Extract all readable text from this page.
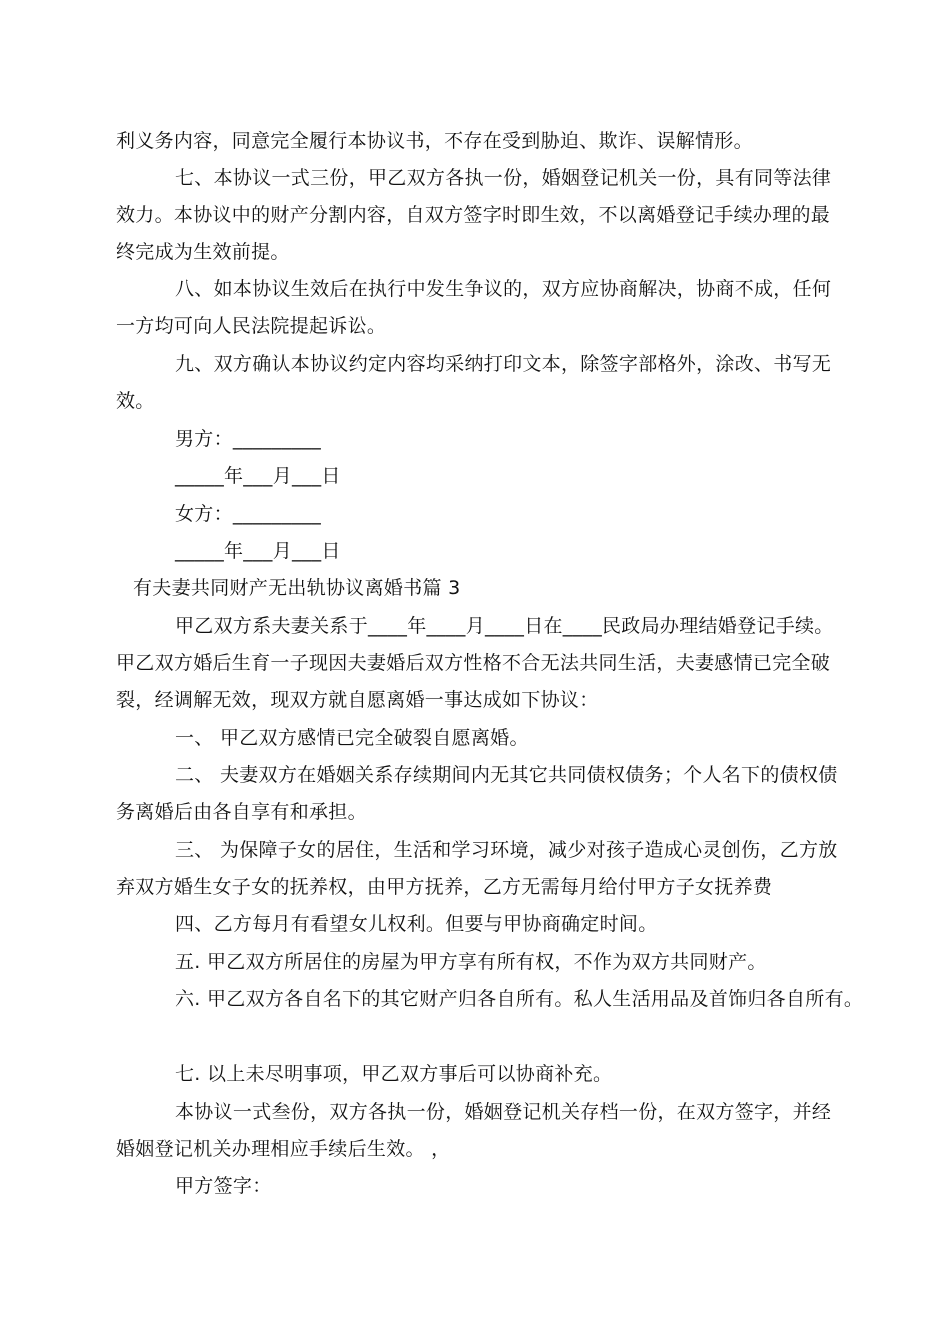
利义务内容，同意完全履行本协议书，不存在受到胁迫、欺诈、误解情形。

七、本协议一式三份，甲乙双方各执一份，婚姻登记机关一份，具有同等法律

效力。本协议中的财产分割内容，自双方签字时即生效，不以离婚登记手续办理的最

终完成为生效前提。

八、如本协议生效后在执行中发生争议的，双方应协商解决，协商不成，任何

一方均可向人民法院提起诉讼。

九、双方确认本协议约定内容均采纳打印文本，除签字部格外，涂改、书写无

效。

男方：_________

_____年___月___日

女方：_________

_____年___月___日

有夫妻共同财产无出轨协议离婚书篇 3

甲乙双方系夫妻关系于____年____月____日在____民政局办理结婚登记手续。

甲乙双方婚后生育一子现因夫妻婚后双方性格不合无法共同生活，夫妻感情已完全破

裂，经调解无效，现双方就自愿离婚一事达成如下协议：

一、 甲乙双方感情已完全破裂自愿离婚。

二、 夫妻双方在婚姻关系存续期间内无其它共同债权债务；个人名下的债权债

务离婚后由各自享有和承担。

三、 为保障子女的居住，生活和学习环境，减少对孩子造成心灵创伤，乙方放

弃双方婚生女子女的抚养权，由甲方抚养，乙方无需每月给付甲方子女抚养费

四、乙方每月有看望女儿权利。但要与甲协商确定时间。

五. 甲乙双方所居住的房屋为甲方享有所有权，不作为双方共同财产。

六. 甲乙双方各自名下的其它财产归各自所有。私人生活用品及首饰归各自所有。

七. 以上未尽明事项，甲乙双方事后可以协商补充。

本协议一式叁份，双方各执一份，婚姻登记机关存档一份，在双方签字，并经

婚姻登记机关办理相应手续后生效。 ，

甲方签字：
